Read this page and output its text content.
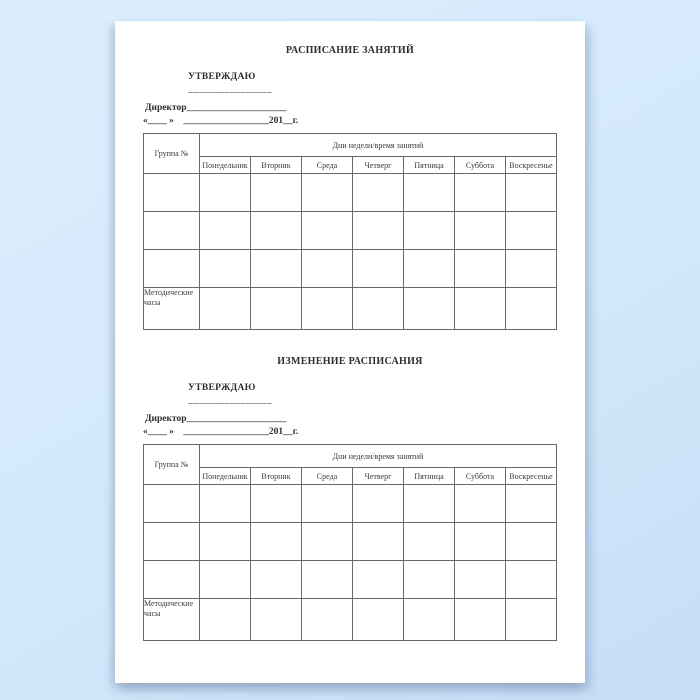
РАСПИСАНИЕ ЗАНЯТИЙ
УТВЕРЖДАЮ
________________
Директор_____________________
«____ »    __________________201__г.
Группа №	Дни недели/время занятий						
	Понедельник	Вторник	Среда	Четверг	Пятница	Суббота	Воскресенье

Методические часы							
ИЗМЕНЕНИЕ РАСПИСАНИЯ
УТВЕРЖДАЮ
________________
Директор_____________________
«____ »    __________________201__г.
Группа №	Дни недели/время занятий						
	Понедельник	Вторник	Среда	Четверг	Пятница	Суббота	Воскресенье

Методические часы							
